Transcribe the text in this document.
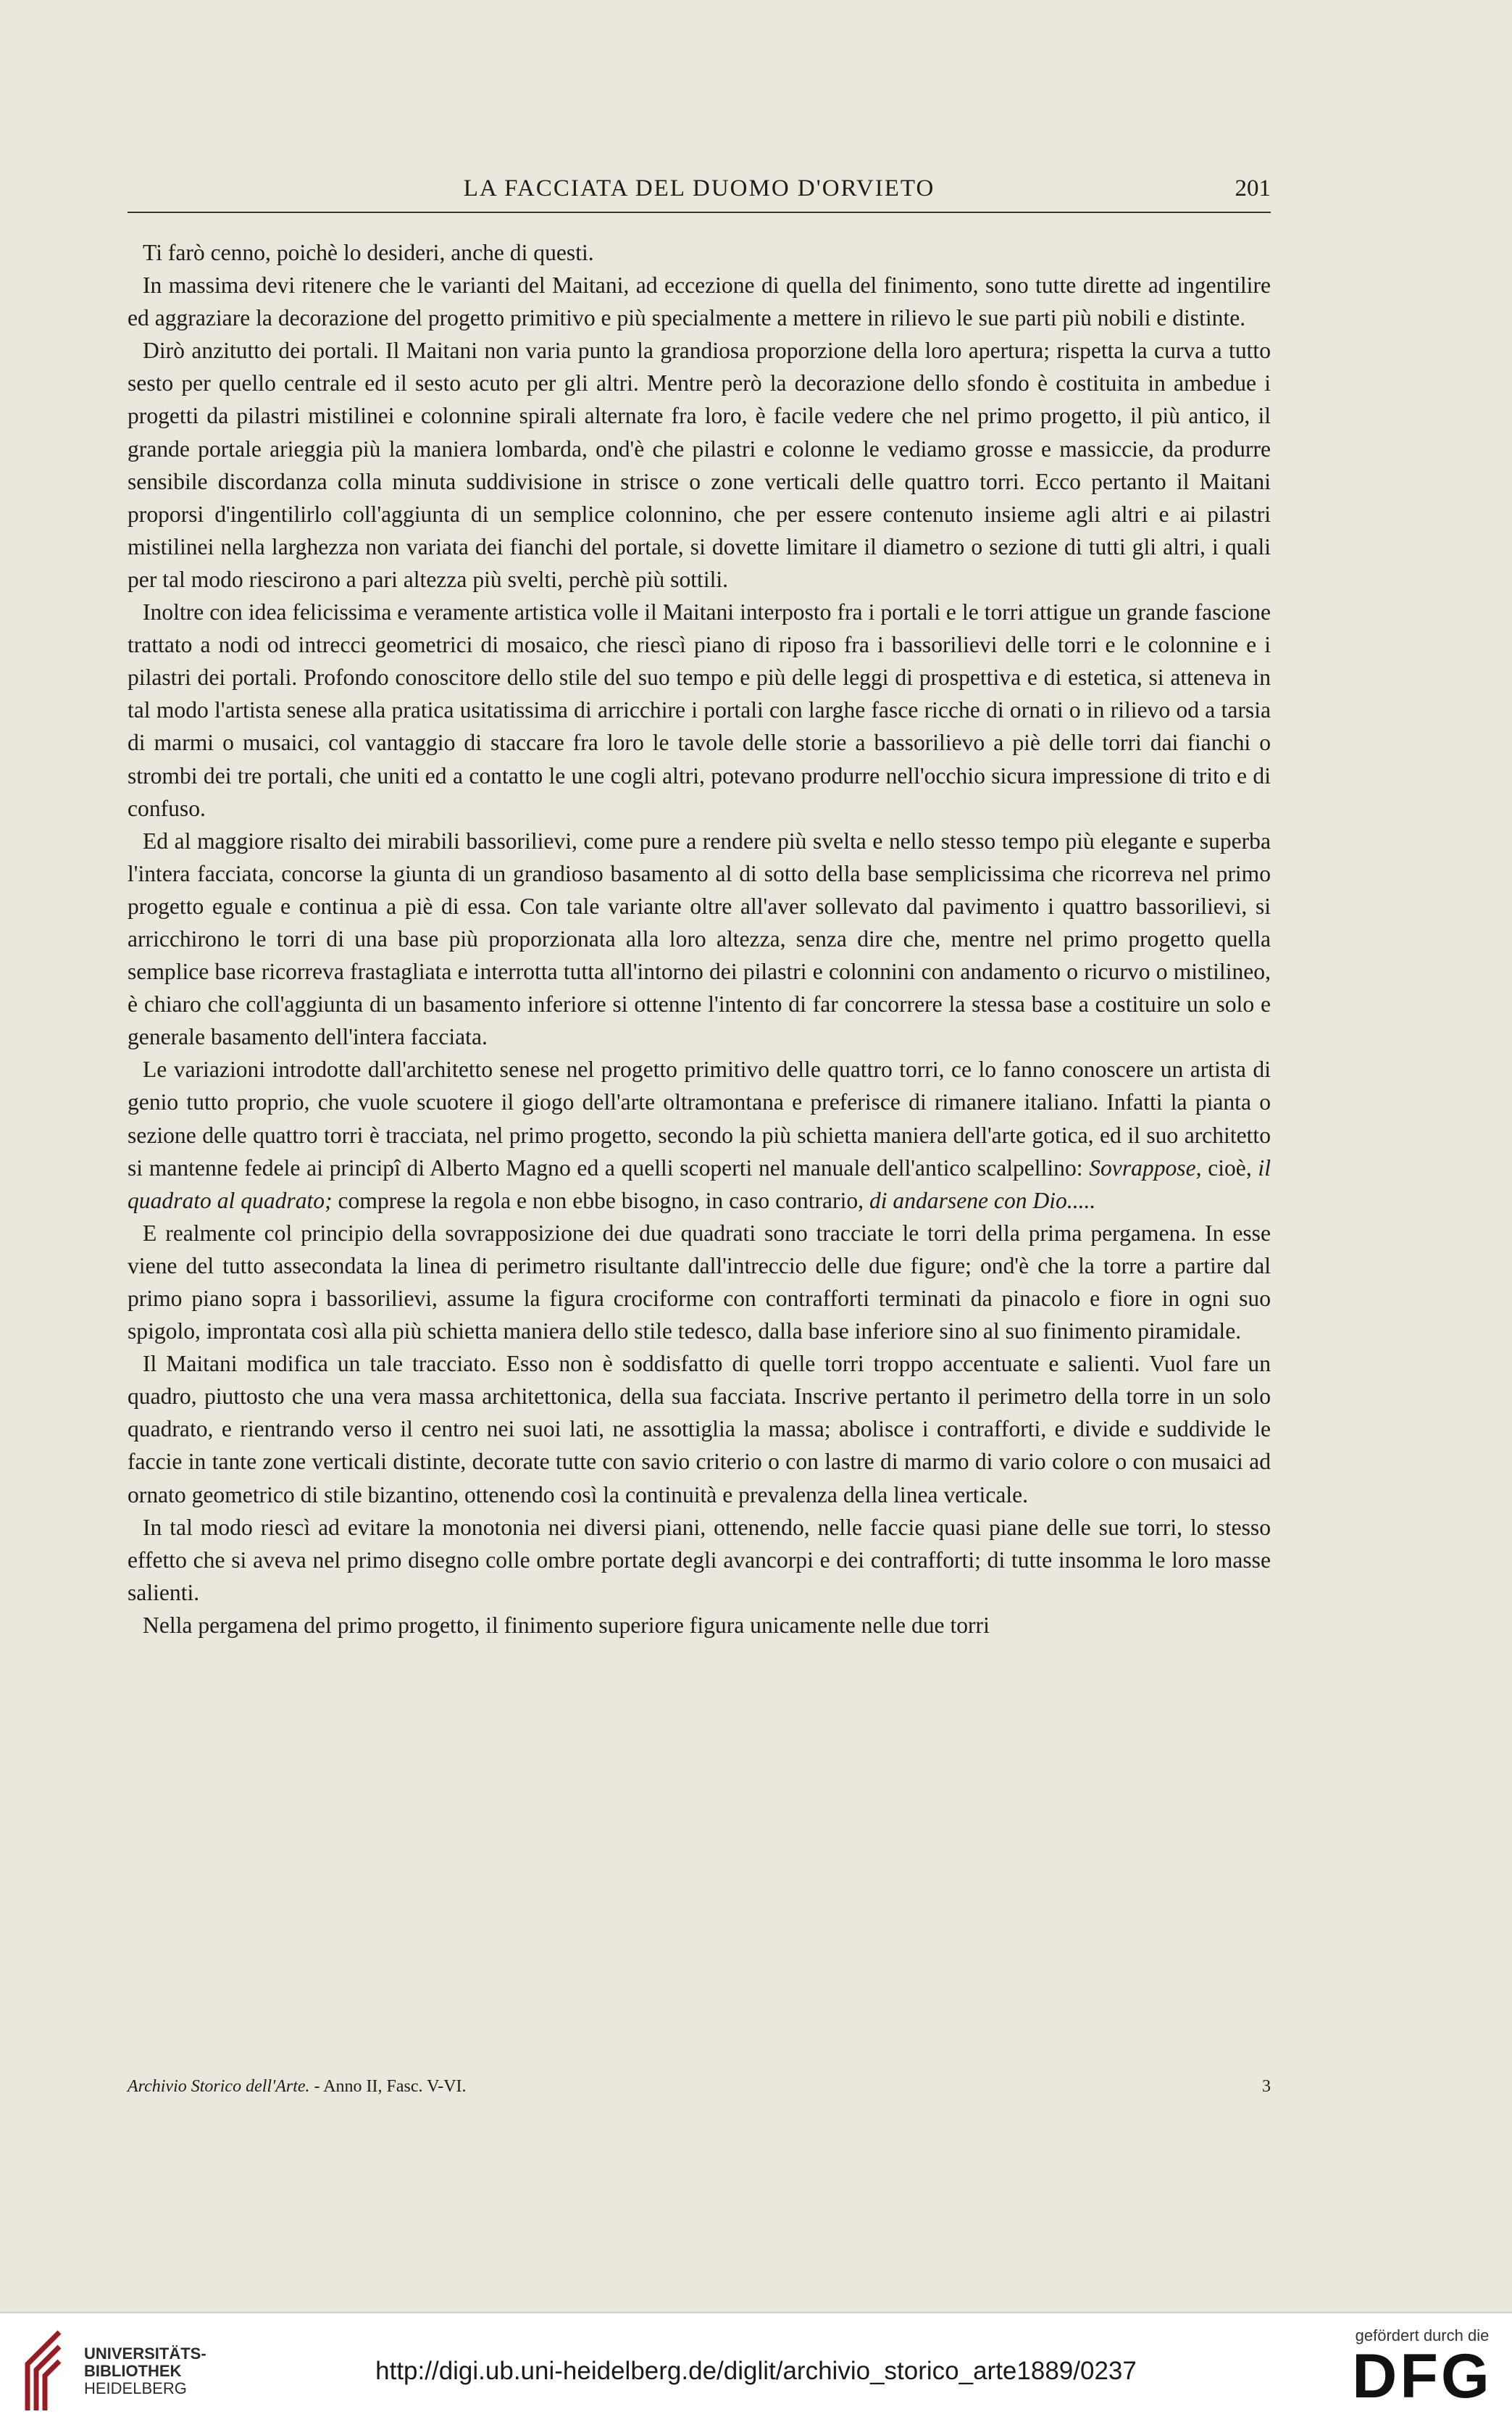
LA FACCIATA DEL DUOMO D'ORVIETO	201

Ti farò cenno, poichè lo desideri, anche di questi.

In massima devi ritenere che le varianti del Maitani, ad eccezione di quella del finimento, sono tutte dirette ad ingentilire ed aggraziare la decorazione del progetto primitivo e più specialmente a mettere in rilievo le sue parti più nobili e distinte.

Dirò anzitutto dei portali. Il Maitani non varia punto la grandiosa proporzione della loro apertura; rispetta la curva a tutto sesto per quello centrale ed il sesto acuto per gli altri. Mentre però la decorazione dello sfondo è costituita in ambedue i progetti da pilastri mistilinei e colonnine spirali alternate fra loro, è facile vedere che nel primo progetto, il più antico, il grande portale arieggia più la maniera lombarda, ond'è che pilastri e colonne le vediamo grosse e massiccie, da produrre sensibile discordanza colla minuta suddivisione in strisce o zone verticali delle quattro torri. Ecco pertanto il Maitani proporsi d'ingentilirlo coll'aggiunta di un semplice colonnino, che per essere contenuto insieme agli altri e ai pilastri mistilinei nella larghezza non variata dei fianchi del portale, si dovette limitare il diametro o sezione di tutti gli altri, i quali per tal modo riescirono a pari altezza più svelti, perchè più sottili.

Inoltre con idea felicissima e veramente artistica volle il Maitani interposto fra i portali e le torri attigue un grande fascione trattato a nodi od intrecci geometrici di mosaico, che riescì piano di riposo fra i bassorilievi delle torri e le colonnine e i pilastri dei portali. Profondo conoscitore dello stile del suo tempo e più delle leggi di prospettiva e di estetica, si atteneva in tal modo l'artista senese alla pratica usitatissima di arricchire i portali con larghe fasce ricche di ornati o in rilievo od a tarsia di marmi o musaici, col vantaggio di staccare fra loro le tavole delle storie a bassorilievo a piè delle torri dai fianchi o strombi dei tre portali, che uniti ed a contatto le une cogli altri, potevano produrre nell'occhio sicura impressione di trito e di confuso.

Ed al maggiore risalto dei mirabili bassorilievi, come pure a rendere più svelta e nello stesso tempo più elegante e superba l'intera facciata, concorse la giunta di un grandioso basamento al di sotto della base semplicissima che ricorreva nel primo progetto eguale e continua a piè di essa. Con tale variante oltre all'aver sollevato dal pavimento i quattro bassorilievi, si arricchirono le torri di una base più proporzionata alla loro altezza, senza dire che, mentre nel primo progetto quella semplice base ricorreva frastagliata e interrotta tutta all'intorno dei pilastri e colonnini con andamento o ricurvo o mistilineo, è chiaro che coll'aggiunta di un basamento inferiore si ottenne l'intento di far concorrere la stessa base a costituire un solo e generale basamento dell'intera facciata.

Le variazioni introdotte dall'architetto senese nel progetto primitivo delle quattro torri, ce lo fanno conoscere un artista di genio tutto proprio, che vuole scuotere il giogo dell'arte oltramontana e preferisce di rimanere italiano. Infatti la pianta o sezione delle quattro torri è tracciata, nel primo progetto, secondo la più schietta maniera dell'arte gotica, ed il suo architetto si mantenne fedele ai principî di Alberto Magno ed a quelli scoperti nel manuale dell'antico scalpellino: Sovrappose, cioè, il quadrato al quadrato; comprese la regola e non ebbe bisogno, in caso contrario, di andarsene con Dio.....

E realmente col principio della sovrapposizione dei due quadrati sono tracciate le torri della prima pergamena. In esse viene del tutto assecondata la linea di perimetro risultante dall'intreccio delle due figure; ond'è che la torre a partire dal primo piano sopra i bassorilievi, assume la figura crociforme con contrafforti terminati da pinacolo e fiore in ogni suo spigolo, improntata così alla più schietta maniera dello stile tedesco, dalla base inferiore sino al suo finimento piramidale.

Il Maitani modifica un tale tracciato. Esso non è soddisfatto di quelle torri troppo accentuate e salienti. Vuol fare un quadro, piuttosto che una vera massa architettonica, della sua facciata. Inscrive pertanto il perimetro della torre in un solo quadrato, e rientrando verso il centro nei suoi lati, ne assottiglia la massa; abolisce i contrafforti, e divide e suddivide le faccie in tante zone verticali distinte, decorate tutte con savio criterio o con lastre di marmo di vario colore o con musaici ad ornato geometrico di stile bizantino, ottenendo così la continuità e prevalenza della linea verticale.

In tal modo riescì ad evitare la monotonia nei diversi piani, ottenendo, nelle faccie quasi piane delle sue torri, lo stesso effetto che si aveva nel primo disegno colle ombre portate degli avancorpi e dei contrafforti; di tutte insomma le loro masse salienti.

Nella pergamena del primo progetto, il finimento superiore figura unicamente nelle due torri

Archivio Storico dell'Arte. - Anno II, Fasc. V-VI.	3
UNIVERSITÄTS-
BIBLIOTHEK
HEIDELBERG
http://digi.ub.uni-heidelberg.de/diglit/archivio_storico_arte1889/0237
gefördert durch die
DFG
